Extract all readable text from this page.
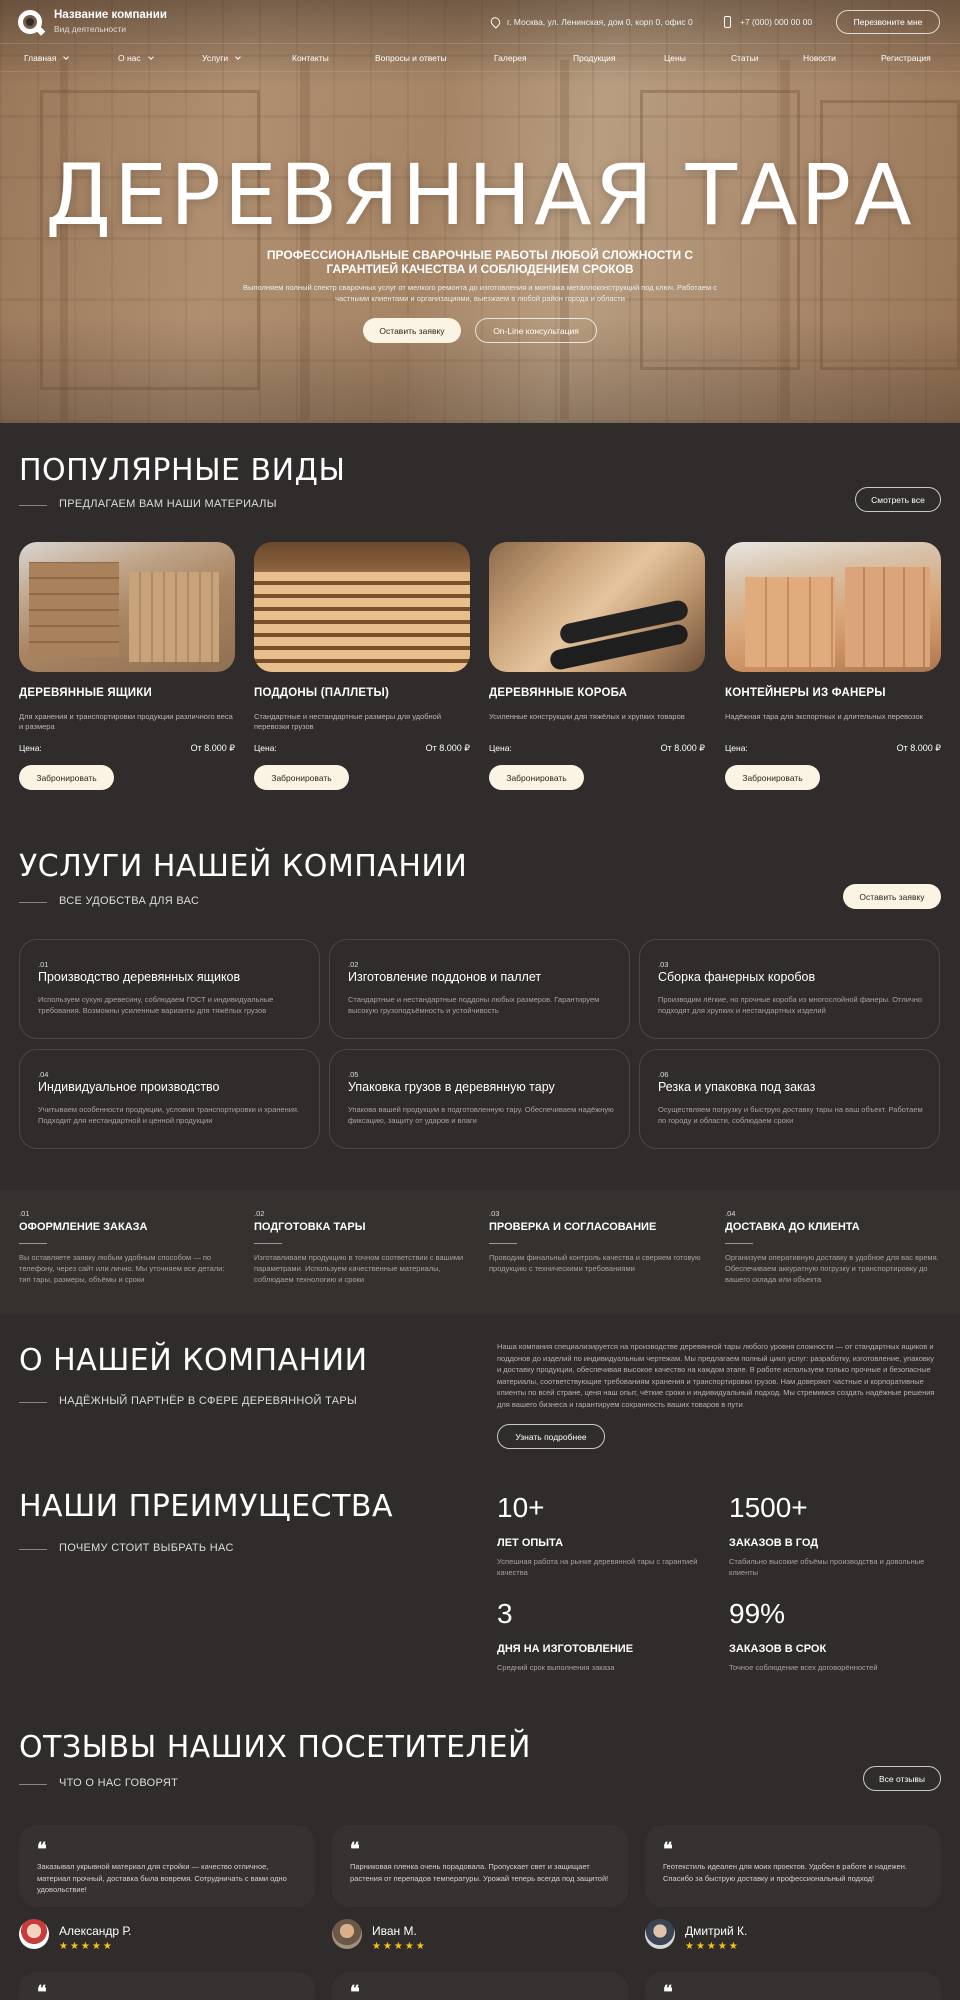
Название компании
Вид деятельности
г. Москва, ул. Ленинская, дом 0, корп 0, офис 0	+7 (000) 000 00 00	Перезвоните мне
Главная	О нас	Услуги	Контакты	Вопросы и ответы	Галерея	Продукция	Цены	Статьи	Новости	Регистрация
ДЕРЕВЯННАЯ ТАРА
ПРОФЕССИОНАЛЬНЫЕ СВАРОЧНЫЕ РАБОТЫ ЛЮБОЙ СЛОЖНОСТИ С ГАРАНТИЕЙ КАЧЕСТВА И СОБЛЮДЕНИЕМ СРОКОВ
Выполняем полный спектр сварочных услуг от мелкого ремонта до изготовления и монтажа металлоконструкций под ключ. Работаем с частными клиентами и организациями, выезжаем в любой район города и области
Оставить заявку	On-Line консультация
ПОПУЛЯРНЫЕ ВИДЫ
ПРЕДЛАГАЕМ ВАМ НАШИ МАТЕРИАЛЫ	Смотреть все
ДЕРЕВЯННЫЕ ЯЩИКИ
Для хранения и транспортировки продукции различного веса и размера
Цена:	От 8.000 ₽
Забронировать
ПОДДОНЫ (ПАЛЛЕТЫ)
Стандартные и нестандартные размеры для удобной перевозки грузов
Цена:	От 8.000 ₽
Забронировать
ДЕРЕВЯННЫЕ КОРОБА
Усиленные конструкции для тяжёлых и хрупких товаров
Цена:	От 8.000 ₽
Забронировать
КОНТЕЙНЕРЫ ИЗ ФАНЕРЫ
Надёжная тара для экспортных и длительных перевозок
Цена:	От 8.000 ₽
Забронировать
УСЛУГИ НАШЕЙ КОМПАНИИ
ВСЕ УДОБСТВА ДЛЯ ВАС	Оставить заявку
.01
Производство деревянных ящиков
Используем сухую древесину, соблюдаем ГОСТ и индивидуальные требования. Возможны усиленные варианты для тяжёлых грузов
.02
Изготовление поддонов и паллет
Стандартные и нестандартные поддоны любых размеров. Гарантируем высокую грузоподъёмность и устойчивость
.03
Сборка фанерных коробов
Производим лёгкие, но прочные короба из многослойной фанеры. Отлично подходят для хрупких и нестандартных изделий
.04
Индивидуальное производство
Учитываем особенности продукции, условия транспортировки и хранения. Подходит для нестандартной и ценной продукции
.05
Упаковка грузов в деревянную тару
Упакова вашей продукции в подготовленную тару. Обеспечиваем надёжную фиксацию, защиту от ударов и влаги
.06
Резка и упаковка под заказ
Осуществляем погрузку и быструю доставку тары на ваш объект. Работаем по городу и области, соблюдаем сроки
.01
ОФОРМЛЕНИЕ ЗАКАЗА
Вы оставляете заявку любым удобным способом — по телефону, через сайт или лично. Мы уточняем все детали: тип тары, размеры, объёмы и сроки
.02
ПОДГОТОВКА ТАРЫ
Изготавливаем продукцию в точном соответствии с вашими параметрами. Используем качественные материалы, соблюдаем технологию и сроки
.03
ПРОВЕРКА И СОГЛАСОВАНИЕ
Проводим финальный контроль качества и сверяем готовую продукцию с техническими требованиями
.04
ДОСТАВКА ДО КЛИЕНТА
Организуем оперативную доставку в удобное для вас время. Обеспечиваем аккуратную погрузку и транспортировку до вашего склада или объекта
О НАШЕЙ КОМПАНИИ
НАДЁЖНЫЙ ПАРТНЁР В СФЕРЕ ДЕРЕВЯННОЙ ТАРЫ
Наша компания специализируется на производстве деревянной тары любого уровня сложности — от стандартных ящиков и поддонов до изделий по индивидуальным чертежам. Мы предлагаем полный цикл услуг: разработку, изготовление, упаковку и доставку продукции, обеспечивая высокое качество на каждом этапе. В работе используем только прочные и безопасные материалы, соответствующие требованиям хранения и транспортировки грузов. Нам доверяют частные и корпоративные клиенты по всей стране, ценя наш опыт, чёткие сроки и индивидуальный подход. Мы стремимся создать надёжные решения для вашего бизнеса и гарантируем сохранность ваших товаров в пути
Узнать подробнее
НАШИ ПРЕИМУЩЕСТВА
ПОЧЕМУ СТОИТ ВЫБРАТЬ НАС
10+
ЛЕТ ОПЫТА
Успешная работа на рынке деревянной тары с гарантией качества
1500+
ЗАКАЗОВ В ГОД
Стабильно высокие объёмы производства и довольные клиенты
3
ДНЯ НА ИЗГОТОВЛЕНИЕ
Средний срок выполнения заказа
99%
ЗАКАЗОВ В СРОК
Точное соблюдение всех договорённостей
ОТЗЫВЫ НАШИХ ПОСЕТИТЕЛЕЙ
ЧТО О НАС ГОВОРЯТ	Все отзывы
❝
Заказывал укрывной материал для стройки — качество отличное, материал прочный, доставка была вовремя. Сотрудничать с вами одно удовольствие!
Александр Р.
★★★★★
❝
Парниковая пленка очень порадовала. Пропускает свет и защищает растения от перепадов температуры. Урожай теперь всегда под защитой!
Иван М.
★★★★★
❝
Геотекстиль идеален для моих проектов. Удобен в работе и надежен. Спасибо за быструю доставку и профессиональный подход!
Дмитрий К.
★★★★★
❝	❝	❝
